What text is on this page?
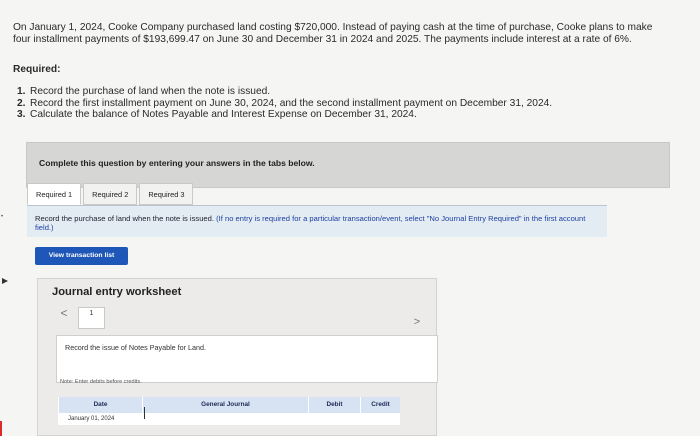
On January 1, 2024, Cooke Company purchased land costing $720,000. Instead of paying cash at the time of purchase, Cooke plans to make four installment payments of $193,699.47 on June 30 and December 31 in 2024 and 2025. The payments include interest at a rate of 6%.
Required:
1. Record the purchase of land when the note is issued.
2. Record the first installment payment on June 30, 2024, and the second installment payment on December 31, 2024.
3. Calculate the balance of Notes Payable and Interest Expense on December 31, 2024.
Complete this question by entering your answers in the tabs below.
Required 1	Required 2	Required 3
Record the purchase of land when the note is issued. (If no entry is required for a particular transaction/event, select "No Journal Entry Required" in the first account field.)
View transaction list
Journal entry worksheet
<	1
Record the issue of Notes Payable for Land.
Note: Enter debits before credits.
>
Date	General Journal	Debit	Credit
January 01, 2024
•
